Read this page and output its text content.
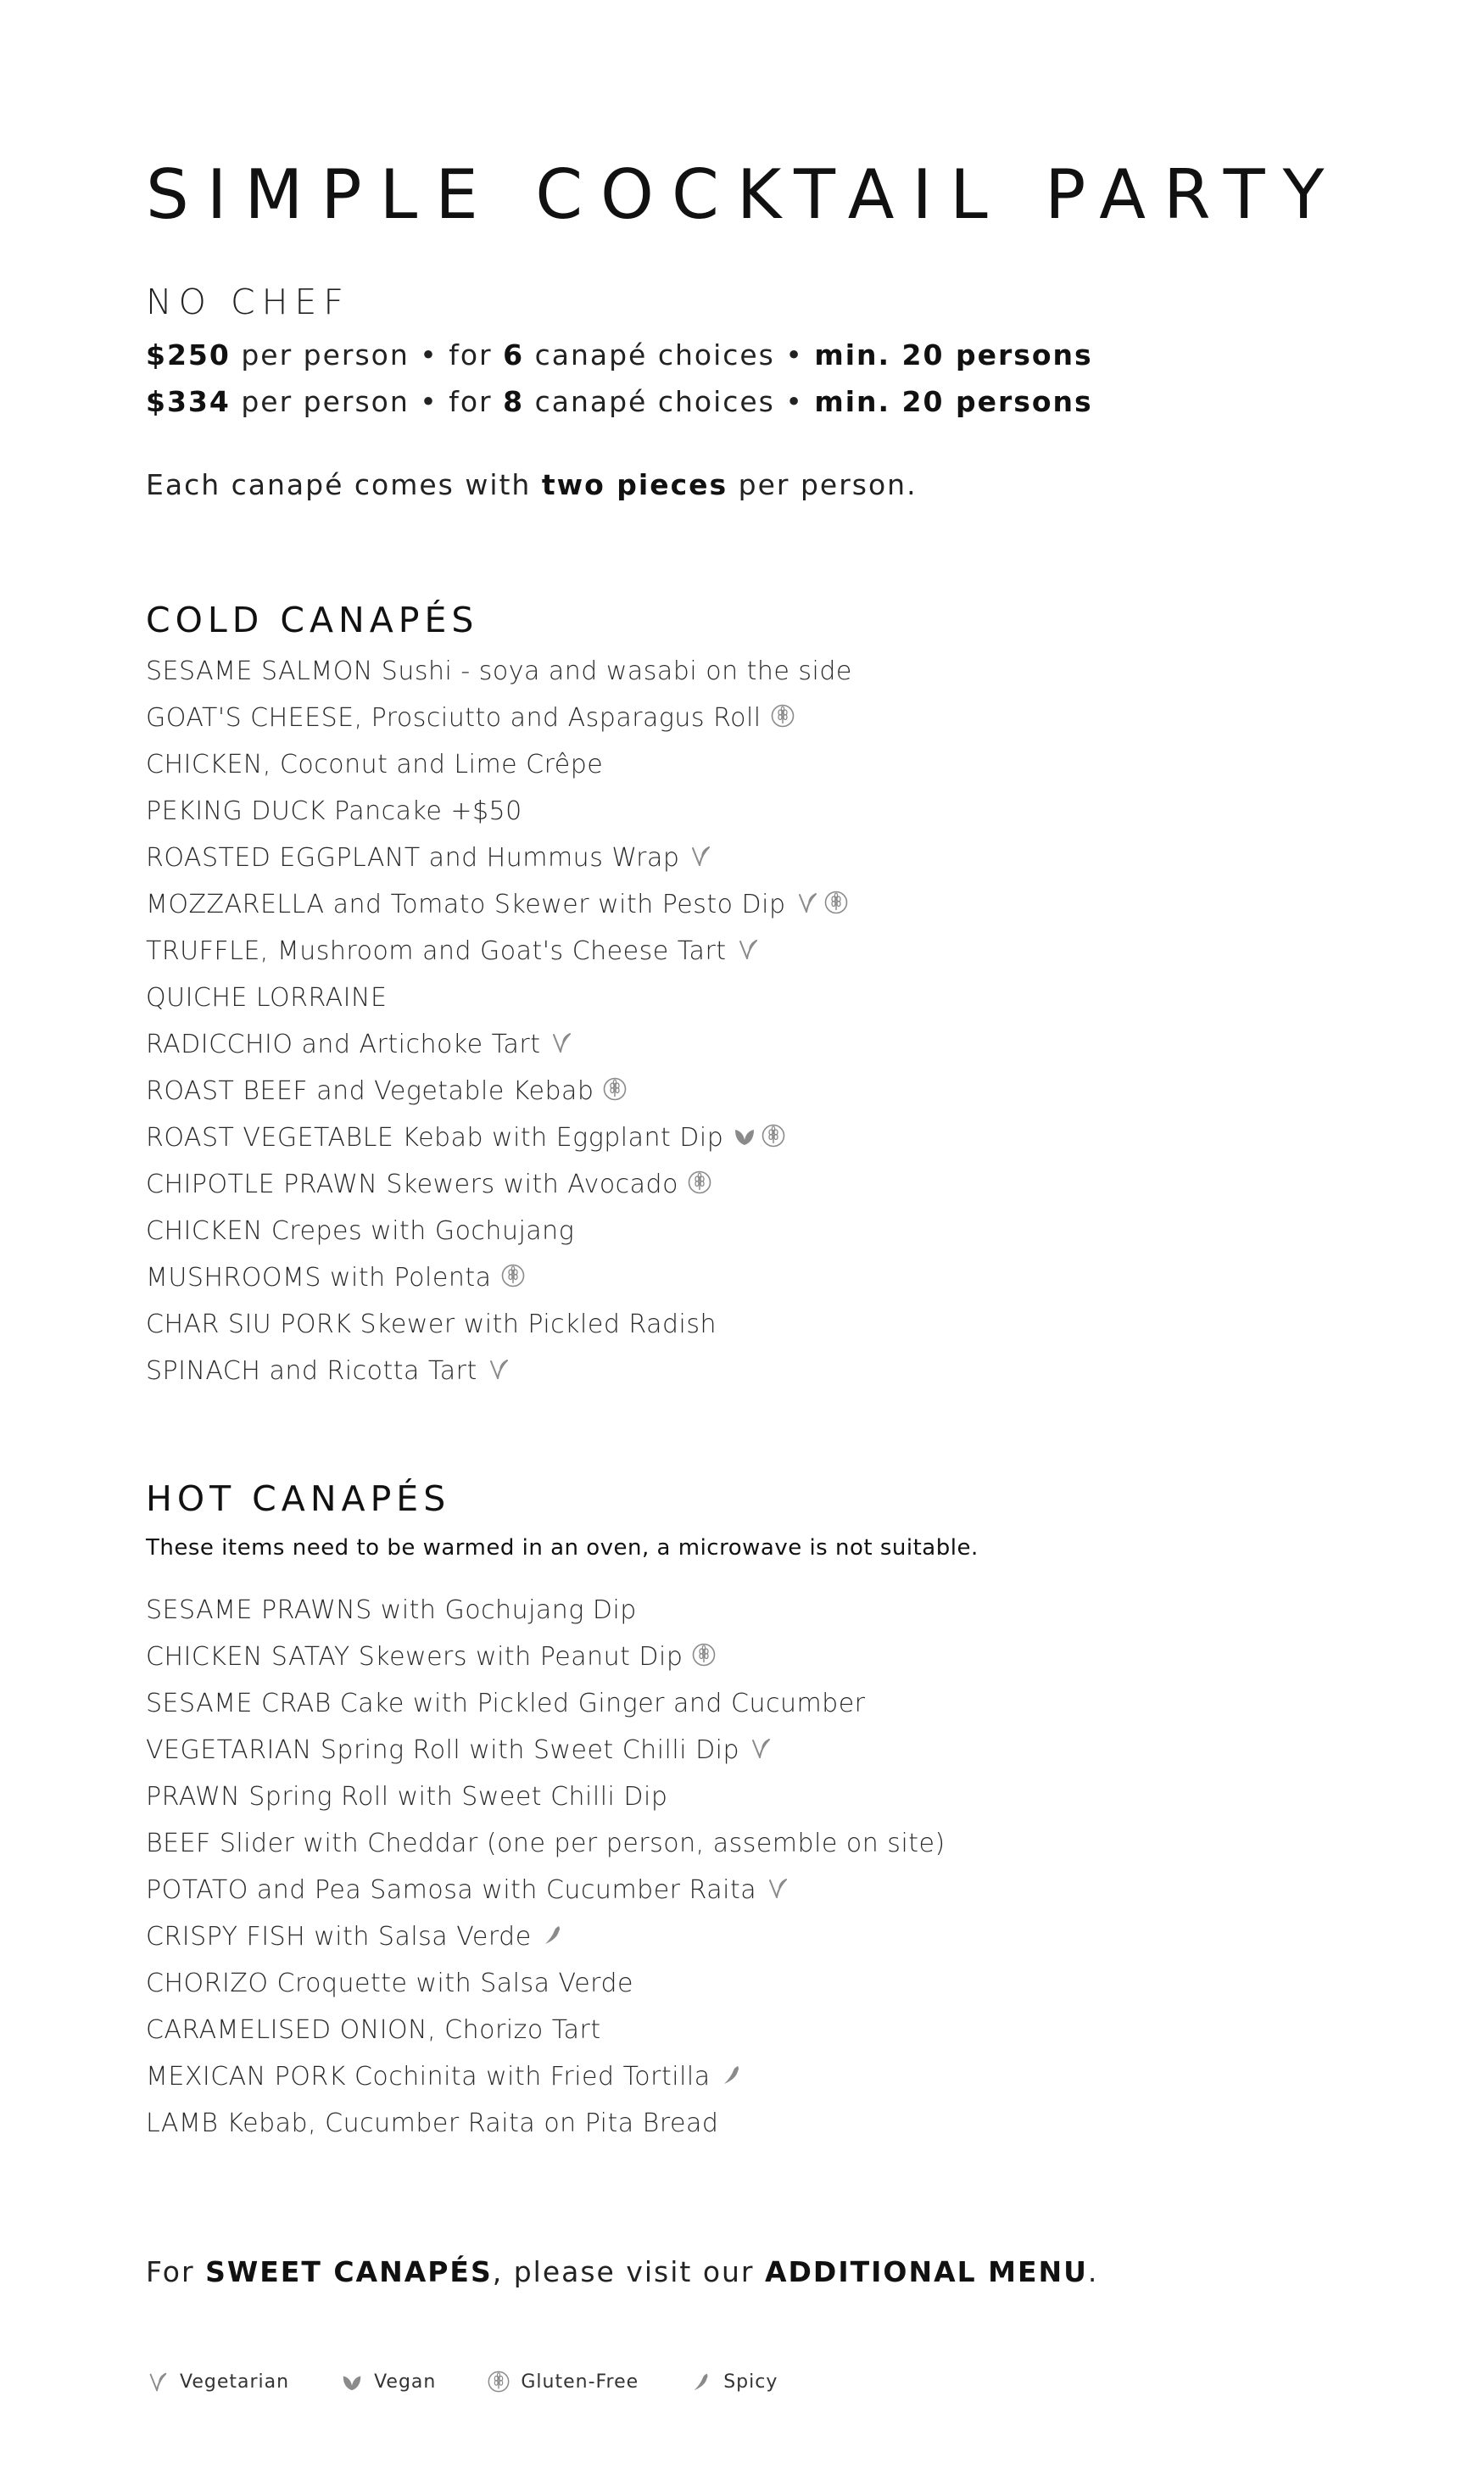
SIMPLE COCKTAIL PARTY
NO CHEF
$250 per person • for 6 canapé choices • min. 20 persons
$334 per person • for 8 canapé choices • min. 20 persons
Each canapé comes with two pieces per person.
COLD CANAPÉS
SESAME SALMON Sushi - soya and wasabi on the side
GOAT'S CHEESE, Prosciutto and Asparagus Roll
CHICKEN, Coconut and Lime Crêpe
PEKING DUCK Pancake +$50
ROASTED EGGPLANT and Hummus Wrap
MOZZARELLA and Tomato Skewer with Pesto Dip
TRUFFLE, Mushroom and Goat's Cheese Tart
QUICHE LORRAINE
RADICCHIO and Artichoke Tart
ROAST BEEF and Vegetable Kebab
ROAST VEGETABLE Kebab with Eggplant Dip
CHIPOTLE PRAWN Skewers with Avocado
CHICKEN Crepes with Gochujang
MUSHROOMS with Polenta
CHAR SIU PORK Skewer with Pickled Radish
SPINACH and Ricotta Tart
HOT CANAPÉS
These items need to be warmed in an oven, a microwave is not suitable.
SESAME PRAWNS with Gochujang Dip
CHICKEN SATAY Skewers with Peanut Dip
SESAME CRAB Cake with Pickled Ginger and Cucumber
VEGETARIAN Spring Roll with Sweet Chilli Dip
PRAWN Spring Roll with Sweet Chilli Dip
BEEF Slider with Cheddar (one per person, assemble on site)
POTATO and Pea Samosa with Cucumber Raita
CRISPY FISH with Salsa Verde
CHORIZO Croquette with Salsa Verde
CARAMELISED ONION, Chorizo Tart
MEXICAN PORK Cochinita with Fried Tortilla
LAMB Kebab, Cucumber Raita on Pita Bread
For SWEET CANAPÉS, please visit our ADDITIONAL MENU.
Vegetarian	Vegan	Gluten-Free	Spicy
